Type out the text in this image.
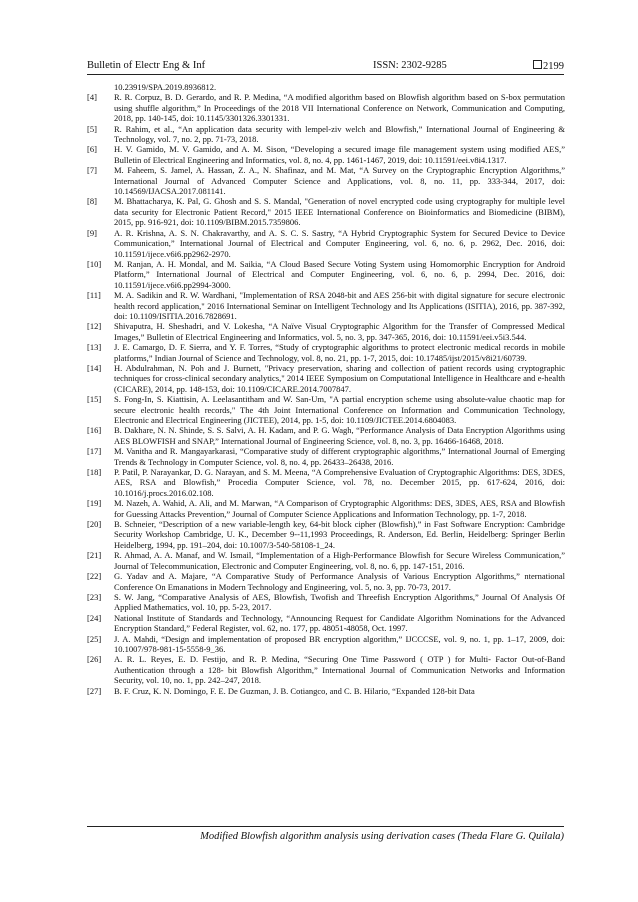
Bulletin of Electr Eng & Inf	ISSN: 2302-9285	2199

10.23919/SPA.2019.8936812.

[4] R. R. Corpuz, B. D. Gerardo, and R. P. Medina, “A modified algorithm based on Blowfish algorithm based on S-box permutation using shuffle algorithm,” In Proceedings of the 2018 VII International Conference on Network, Communication and Computing, 2018, pp. 140-145, doi: 10.1145/3301326.3301331.

[5] R. Rahim, et al., “An application data security with lempel-ziv welch and Blowfish,” International Journal of Engineering & Technology, vol. 7, no. 2, pp. 71-73, 2018.

[6] H. V. Gamido, M. V. Gamido, and A. M. Sison, “Developing a secured image file management system using modified AES,” Bulletin of Electrical Engineering and Informatics, vol. 8, no. 4, pp. 1461-1467, 2019, doi: 10.11591/eei.v8i4.1317.

[7] M. Faheem, S. Jamel, A. Hassan, Z. A., N. Shafinaz, and M. Mat, “A Survey on the Cryptographic Encryption Algorithms,” International Journal of Advanced Computer Science and Applications, vol. 8, no. 11, pp. 333-344, 2017, doi: 10.14569/IJACSA.2017.081141.

[8] M. Bhattacharya, K. Pal, G. Ghosh and S. S. Mandal, "Generation of novel encrypted code using cryptography for multiple level data security for Electronic Patient Record," 2015 IEEE International Conference on Bioinformatics and Biomedicine (BIBM), 2015, pp. 916-921, doi: 10.1109/BIBM.2015.7359806.

[9] A. R. Krishna, A. S. N. Chakravarthy, and A. S. C. S. Sastry, “A Hybrid Cryptographic System for Secured Device to Device Communication,” International Journal of Electrical and Computer Engineering, vol. 6, no. 6, p. 2962, Dec. 2016, doi: 10.11591/ijece.v6i6.pp2962-2970.

[10] M. Ranjan, A. H. Mondal, and M. Saikia, “A Cloud Based Secure Voting System using Homomorphic Encryption for Android Platform,” International Journal of Electrical and Computer Engineering, vol. 6, no. 6, p. 2994, Dec. 2016, doi: 10.11591/ijece.v6i6.pp2994-3000.

[11] M. A. Sadikin and R. W. Wardhani, "Implementation of RSA 2048-bit and AES 256-bit with digital signature for secure electronic health record application," 2016 International Seminar on Intelligent Technology and Its Applications (ISITIA), 2016, pp. 387-392, doi: 10.1109/ISITIA.2016.7828691.

[12] Shivaputra, H. Sheshadri, and V. Lokesha, “A Naïve Visual Cryptographic Algorithm for the Transfer of Compressed Medical Images,” Bulletin of Electrical Engineering and Informatics, vol. 5, no. 3, pp. 347-365, 2016, doi: 10.11591/eei.v5i3.544.

[13] J. E. Camargo, D. F. Sierra, and Y. F. Torres, “Study of cryptographic algorithms to protect electronic medical records in mobile platforms,” Indian Journal of Science and Technology, vol. 8, no. 21, pp. 1-7, 2015, doi: 10.17485/ijst/2015/v8i21/60739.

[14] H. Abdulrahman, N. Poh and J. Burnett, "Privacy preservation, sharing and collection of patient records using cryptographic techniques for cross-clinical secondary analytics," 2014 IEEE Symposium on Computational Intelligence in Healthcare and e-health (CICARE), 2014, pp. 148-153, doi: 10.1109/CICARE.2014.7007847.

[15] S. Fong-In, S. Kiattisin, A. Leelasantitham and W. San-Um, "A partial encryption scheme using absolute-value chaotic map for secure electronic health records," The 4th Joint International Conference on Information and Communication Technology, Electronic and Electrical Engineering (JICTEE), 2014, pp. 1-5, doi: 10.1109/JICTEE.2014.6804083.

[16] B. Dakhare, N. N. Shinde, S. S. Salvi, A. H. Kadam, and P. G. Wagh, “Performance Analysis of Data Encryption Algorithms using AES BLOWFISH and SNAP,” International Journal of Engineering Science, vol. 8, no. 3, pp. 16466-16468, 2018.

[17] M. Vanitha and R. Mangayarkarasi, “Comparative study of different cryptographic algorithms,” International Journal of Emerging Trends & Technology in Computer Science, vol. 8, no. 4, pp. 26433–26438, 2016.

[18] P. Patil, P. Narayankar, D. G. Narayan, and S. M. Meena, “A Comprehensive Evaluation of Cryptographic Algorithms: DES, 3DES, AES, RSA and Blowfish,” Procedia Computer Science, vol. 78, no. December 2015, pp. 617-624, 2016, doi: 10.1016/j.procs.2016.02.108.

[19] M. Nazeh, A. Wahid, A. Ali, and M. Marwan, “A Comparison of Cryptographic Algorithms: DES, 3DES, AES, RSA and Blowfish for Guessing Attacks Prevention,” Journal of Computer Science Applications and Information Technology, pp. 1-7, 2018.

[20] B. Schneier, “Description of a new variable-length key, 64-bit block cipher (Blowfish),” in Fast Software Encryption: Cambridge Security Workshop Cambridge, U. K., December 9--11,1993 Proceedings, R. Anderson, Ed. Berlin, Heidelberg: Springer Berlin Heidelberg, 1994, pp. 191–204, doi: 10.1007/3-540-58108-1_24.

[21] R. Ahmad, A. A. Manaf, and W. Ismail, “Implementation of a High-Performance Blowfish for Secure Wireless Communication,” Journal of Telecommunication, Electronic and Computer Engineering, vol. 8, no. 6, pp. 147-151, 2016.

[22] G. Yadav and A. Majare, “A Comparative Study of Performance Analysis of Various Encryption Algorithms,” nternational Conference On Emanations in Modern Technology and Engineering, vol. 5, no. 3, pp. 70-73, 2017.

[23] S. W. Jang, “Comparative Analysis of AES, Blowfish, Twofish and Threefish Encryption Algorithms,” Journal Of Analysis Of Applied Mathematics, vol. 10, pp. 5-23, 2017.

[24] National Institute of Standards and Technology, “Announcing Request for Candidate Algorithm Nominations for the Advanced Encryption Standard,” Federal Register, vol. 62, no. 177, pp. 48051-48058, Oct. 1997.

[25] J. A. Mahdi, “Design and implementation of proposed BR encryption algorithm,” IJCCCSE, vol. 9, no. 1, pp. 1–17, 2009, doi: 10.1007/978-981-15-5558-9_36.

[26] A. R. L. Reyes, E. D. Festijo, and R. P. Medina, “Securing One Time Password ( OTP ) for Multi- Factor Out-of-Band Authentication through a 128- bit Blowfish Algorithm,” International Journal of Communication Networks and Information Security, vol. 10, no. 1, pp. 242–247, 2018.

[27] B. F. Cruz, K. N. Domingo, F. E. De Guzman, J. B. Cotiangco, and C. B. Hilario, “Expanded 128-bit Data

Modified Blowfish algorithm analysis using derivation cases (Theda Flare G. Quilala)
